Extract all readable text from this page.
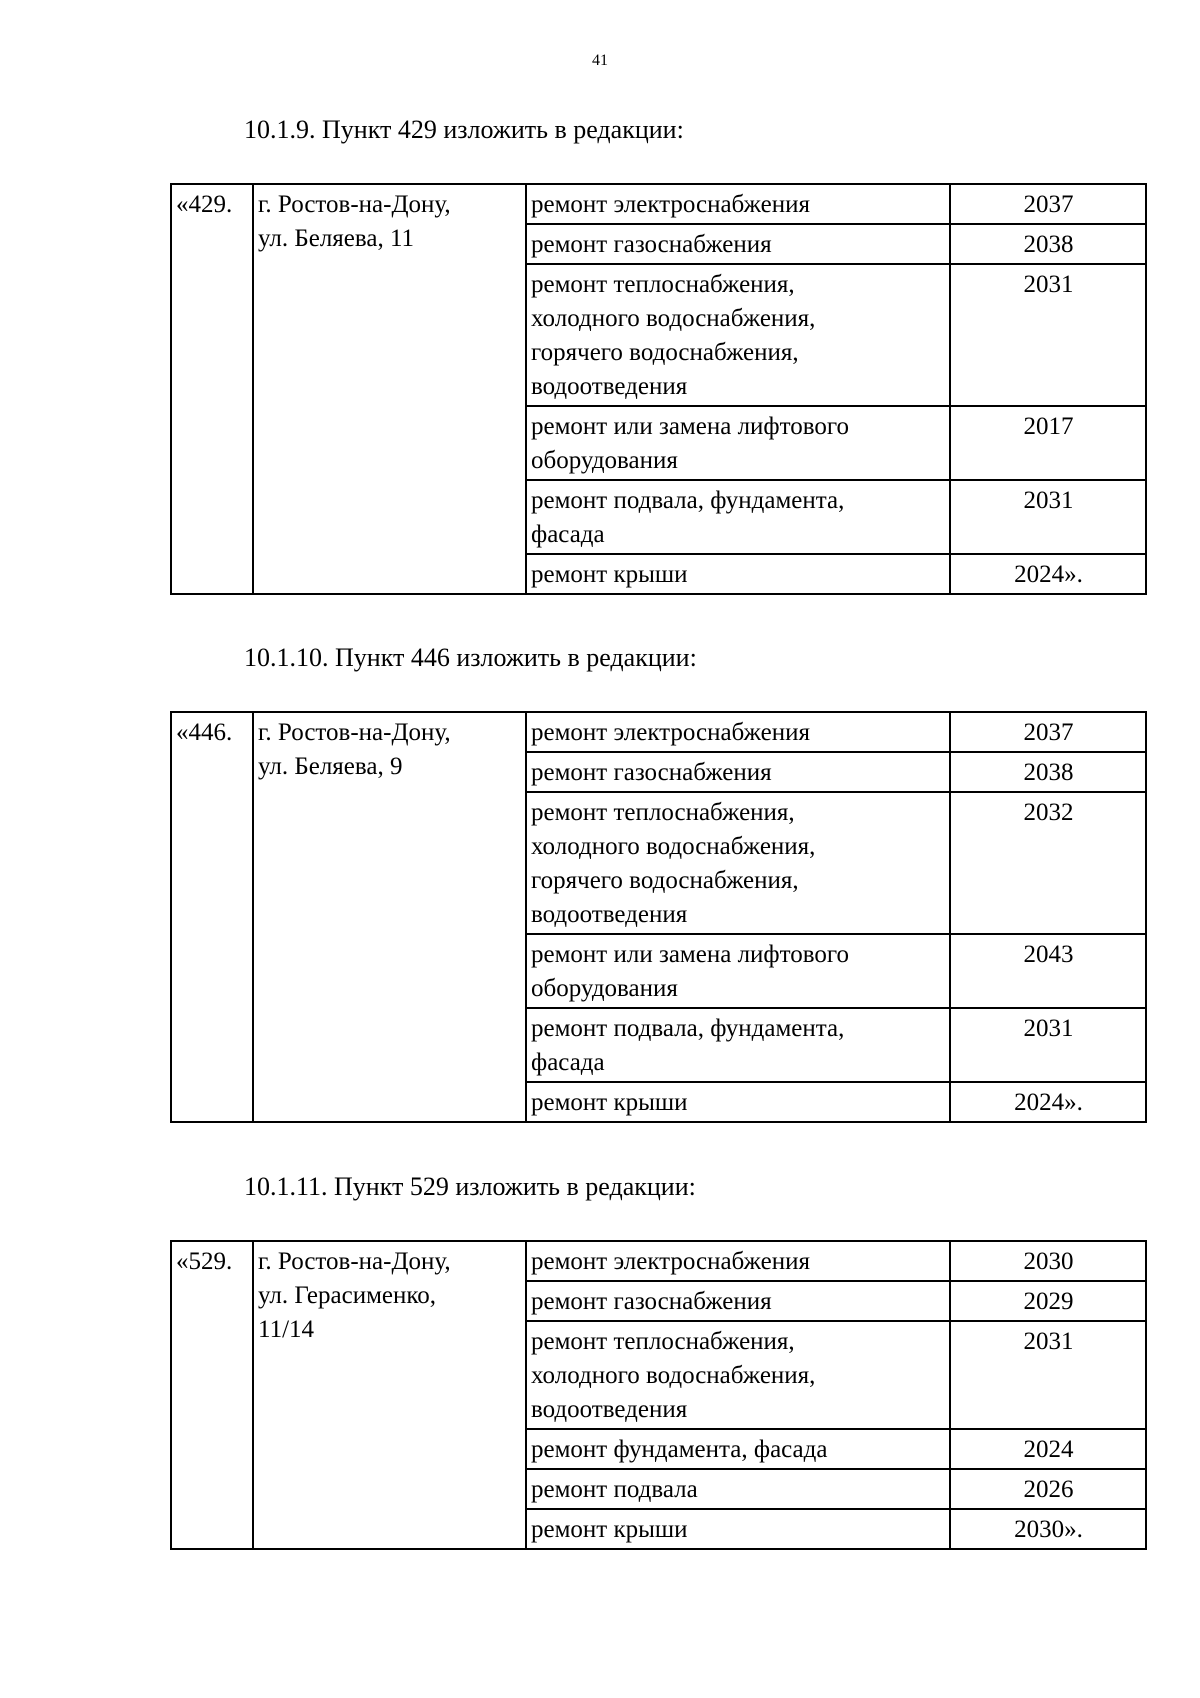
41
10.1.9. Пункт 429 изложить в редакции:
«429.	г. Ростов-на-Дону,
ул. Беляева, 11	ремонт электроснабжения	2037

		ремонт газоснабжения	2038

		ремонт теплоснабжения,
холодного водоснабжения,
горячего водоснабжения,
водоотведения	2031

		ремонт или замена лифтового
оборудования	2017

		ремонт подвала, фундамента,
фасада	2031

		ремонт крыши	2024».
10.1.10. Пункт 446 изложить в редакции:
«446.	г. Ростов-на-Дону,
ул. Беляева, 9	ремонт электроснабжения	2037

		ремонт газоснабжения	2038

		ремонт теплоснабжения,
холодного водоснабжения,
горячего водоснабжения,
водоотведения	2032

		ремонт или замена лифтового
оборудования	2043

		ремонт подвала, фундамента,
фасада	2031

		ремонт крыши	2024».
10.1.11. Пункт 529 изложить в редакции:
«529.	г. Ростов-на-Дону,
ул. Герасименко,
11/14	ремонт электроснабжения	2030

		ремонт газоснабжения	2029

		ремонт теплоснабжения,
холодного водоснабжения,
водоотведения	2031

		ремонт фундамента, фасада	2024

		ремонт подвала	2026

		ремонт крыши	2030».
